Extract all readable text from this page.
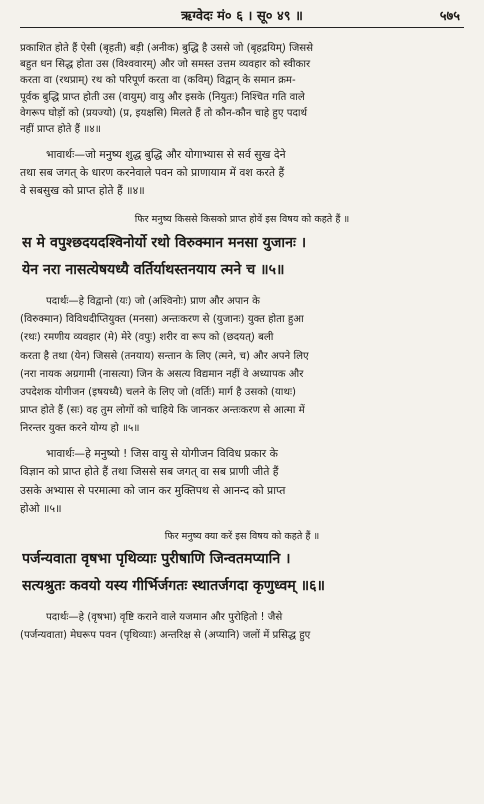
ऋग्वेदः मं० ६ । सू० ४९ ॥	५७५
प्रकाशित होते हैं ऐसी (बृहती) बड़ी (अनीक) बुद्धि है उससे जो (बृहद्रयिम्) जिससे
बहुत धन सिद्ध होता उस (विश्ववारम्) और जो समस्त उत्तम व्यवहार को स्वीकार
करता वा (रथप्राम्) रथ को परिपूर्ण करता वा (कविम्) विद्वान् के समान क्रम-
पूर्वक बुद्धि प्राप्त होती उस (वायुम्) वायु और इसके (नियुतः) निश्चित गति वाले
वेगरूप घोड़ों को (प्रयज्यो) (प्र, इयक्षसि) मिलते हैं तो कौन-कौन चाहे हुए पदार्थ
नहीं प्राप्त होते हैं ॥४॥
भावार्थः—जो मनुष्य शुद्ध बुद्धि और योगाभ्यास से सर्व सुख देने
तथा सब जगत् के धारण करनेवाले पवन को प्राणायाम में वश करते हैं
वे सबसुख को प्राप्त होते हैं ॥४॥
फिर मनुष्य किससे किसको प्राप्त होवें इस विषय को कहते हैं ॥
स मे वपुश्छदयदश्विनोर्यो रथो विरुक्मान मनसा युजानः ।
येन नरा नासत्येषयध्यै वर्तिर्याथस्तनयाय त्मने च ॥५॥
पदार्थः—हे विद्वानो (यः) जो (अश्विनोः) प्राण और अपान के
(विरुक्मान) विविधदीप्तियुक्त (मनसा) अन्तःकरण से (युजानः) युक्त होता हुआ
(रथः) रमणीय व्यवहार (मे) मेरे (वपुः) शरीर वा रूप को (छदयत्) बली
करता है तथा (येन) जिससे (तनयाय) सन्तान के लिए (त्मने, च) और अपने लिए
(नरा नायक अग्रगामी (नासत्या) जिन के असत्य विद्यमान नहीं वे अध्यापक और
उपदेशक योगीजन (इषयध्यै) चलने के लिए जो (वर्तिः) मार्ग है उसको (याथः)
प्राप्त होते हैं (सः) वह तुम लोगों को चाहिये कि जानकर अन्तःकरण से आत्मा में
निरन्तर युक्त करने योग्य हो ॥५॥
भावार्थः—हे मनुष्यो ! जिस वायु से योगीजन विविध प्रकार के
विज्ञान को प्राप्त होते हैं तथा जिससे सब जगत् वा सब प्राणी जीते हैं
उसके अभ्यास से परमात्मा को जान कर मुक्तिपथ से आनन्द को प्राप्त
होओ ॥५॥
फिर मनुष्य क्या करें इस विषय को कहते हैं ॥
पर्जन्यवाता वृषभा पृथिव्याः पुरीषाणि जिन्वतमप्यानि ।
सत्यश्रुतः कवयो यस्य गीर्भिर्जगतः स्थातर्जगदा कृणुध्वम् ॥६॥
पदार्थः—हे (वृषभा) वृष्टि कराने वाले यजमान और पुरोहितो ! जैसे
(पर्जन्यवाता) मेघरूप पवन (पृथिव्याः) अन्तरिक्ष से (अप्यानि) जलों में प्रसिद्ध हुए
